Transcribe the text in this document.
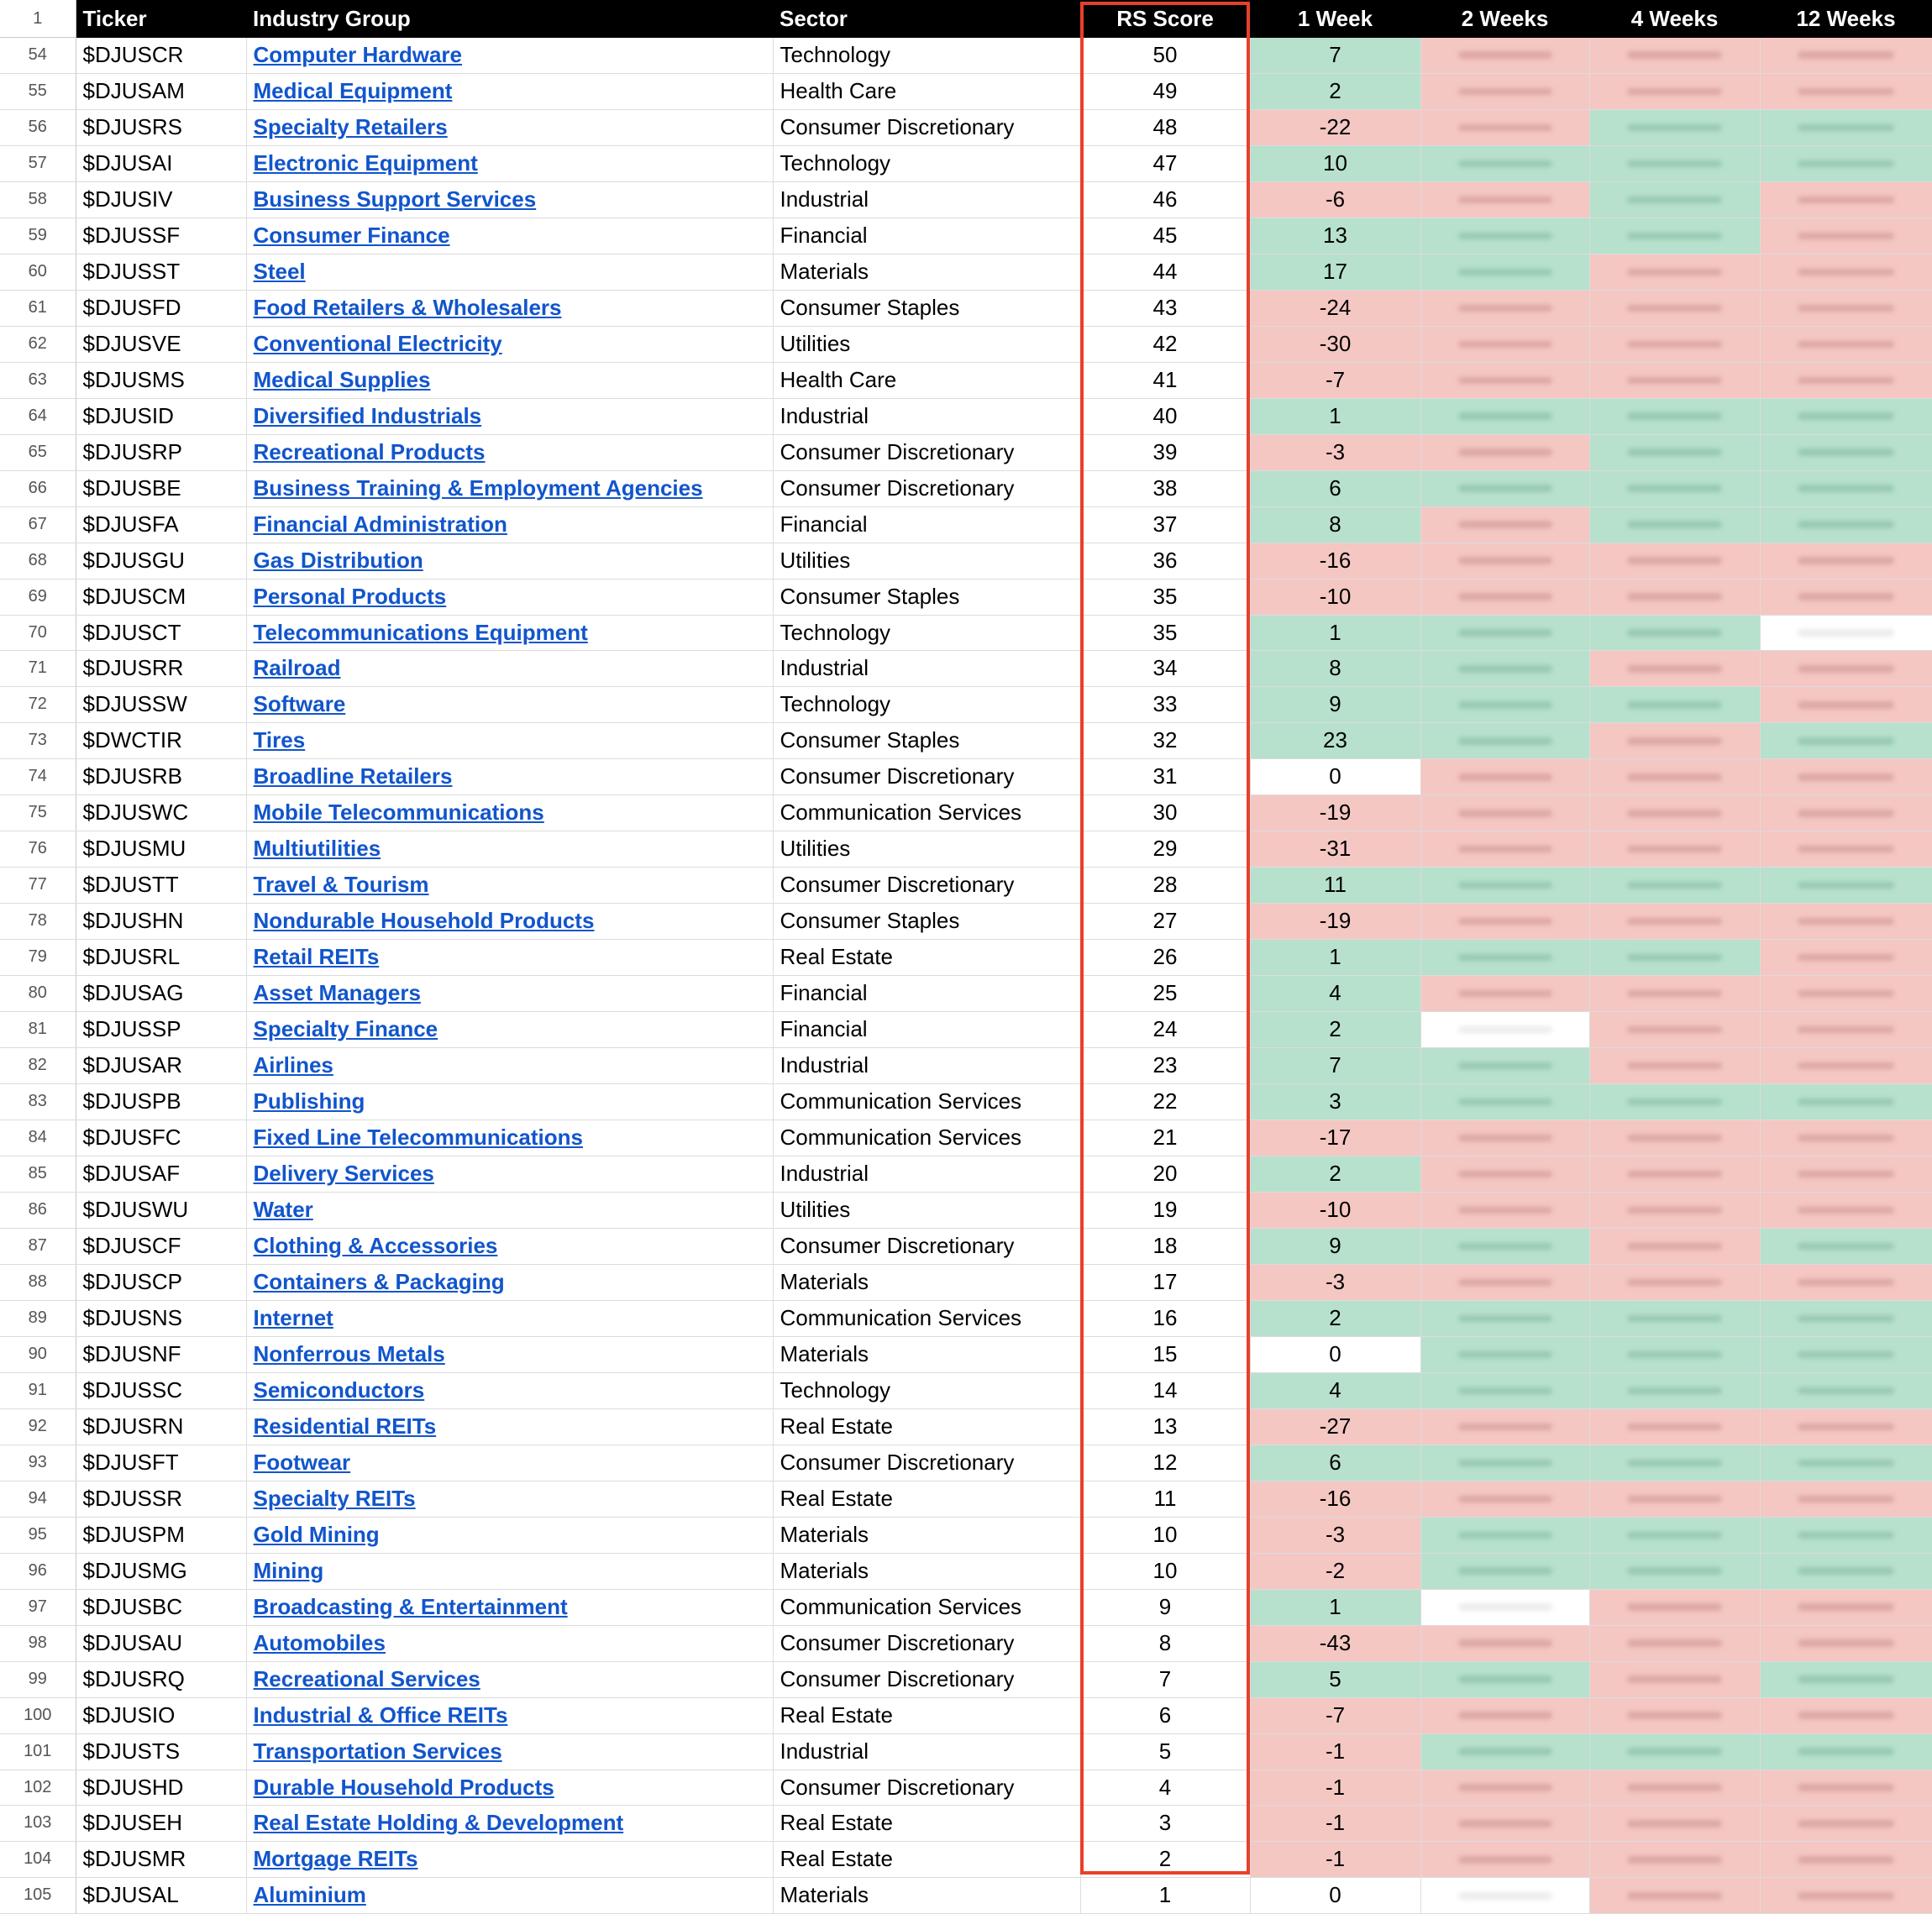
1	Ticker	Industry Group	Sector	RS Score	1 Week	2 Weeks	4 Weeks	12 Weeks
54	$DJUSCR	Computer Hardware	Technology	50	7	

55	$DJUSAM	Medical Equipment	Health Care	49	2	

56	$DJUSRS	Specialty Retailers	Consumer Discretionary	48	-22	

57	$DJUSAI	Electronic Equipment	Technology	47	10	

58	$DJUSIV	Business Support Services	Industrial	46	-6	

59	$DJUSSF	Consumer Finance	Financial	45	13	

60	$DJUSST	Steel	Materials	44	17	

61	$DJUSFD	Food Retailers & Wholesalers	Consumer Staples	43	-24	

62	$DJUSVE	Conventional Electricity	Utilities	42	-30	

63	$DJUSMS	Medical Supplies	Health Care	41	-7	

64	$DJUSID	Diversified Industrials	Industrial	40	1	

65	$DJUSRP	Recreational Products	Consumer Discretionary	39	-3	

66	$DJUSBE	Business Training & Employment Agencies	Consumer Discretionary	38	6	

67	$DJUSFA	Financial Administration	Financial	37	8	

68	$DJUSGU	Gas Distribution	Utilities	36	-16	

69	$DJUSCM	Personal Products	Consumer Staples	35	-10	

70	$DJUSCT	Telecommunications Equipment	Technology	35	1	

71	$DJUSRR	Railroad	Industrial	34	8	

72	$DJUSSW	Software	Technology	33	9	

73	$DWCTIR	Tires	Consumer Staples	32	23	

74	$DJUSRB	Broadline Retailers	Consumer Discretionary	31	0	

75	$DJUSWC	Mobile Telecommunications	Communication Services	30	-19	

76	$DJUSMU	Multiutilities	Utilities	29	-31	

77	$DJUSTT	Travel & Tourism	Consumer Discretionary	28	11	

78	$DJUSHN	Nondurable Household Products	Consumer Staples	27	-19	

79	$DJUSRL	Retail REITs	Real Estate	26	1	

80	$DJUSAG	Asset Managers	Financial	25	4	

81	$DJUSSP	Specialty Finance	Financial	24	2	

82	$DJUSAR	Airlines	Industrial	23	7	

83	$DJUSPB	Publishing	Communication Services	22	3	

84	$DJUSFC	Fixed Line Telecommunications	Communication Services	21	-17	

85	$DJUSAF	Delivery Services	Industrial	20	2	

86	$DJUSWU	Water	Utilities	19	-10	

87	$DJUSCF	Clothing & Accessories	Consumer Discretionary	18	9	

88	$DJUSCP	Containers & Packaging	Materials	17	-3	

89	$DJUSNS	Internet	Communication Services	16	2	

90	$DJUSNF	Nonferrous Metals	Materials	15	0	

91	$DJUSSC	Semiconductors	Technology	14	4	

92	$DJUSRN	Residential REITs	Real Estate	13	-27	

93	$DJUSFT	Footwear	Consumer Discretionary	12	6	

94	$DJUSSR	Specialty REITs	Real Estate	11	-16	

95	$DJUSPM	Gold Mining	Materials	10	-3	

96	$DJUSMG	Mining	Materials	10	-2	

97	$DJUSBC	Broadcasting & Entertainment	Communication Services	9	1	

98	$DJUSAU	Automobiles	Consumer Discretionary	8	-43	

99	$DJUSRQ	Recreational Services	Consumer Discretionary	7	5	

100	$DJUSIO	Industrial & Office REITs	Real Estate	6	-7	

101	$DJUSTS	Transportation Services	Industrial	5	-1	

102	$DJUSHD	Durable Household Products	Consumer Discretionary	4	-1	

103	$DJUSEH	Real Estate Holding & Development	Real Estate	3	-1	

104	$DJUSMR	Mortgage REITs	Real Estate	2	-1	

105	$DJUSAL	Aluminium	Materials	1	0	
